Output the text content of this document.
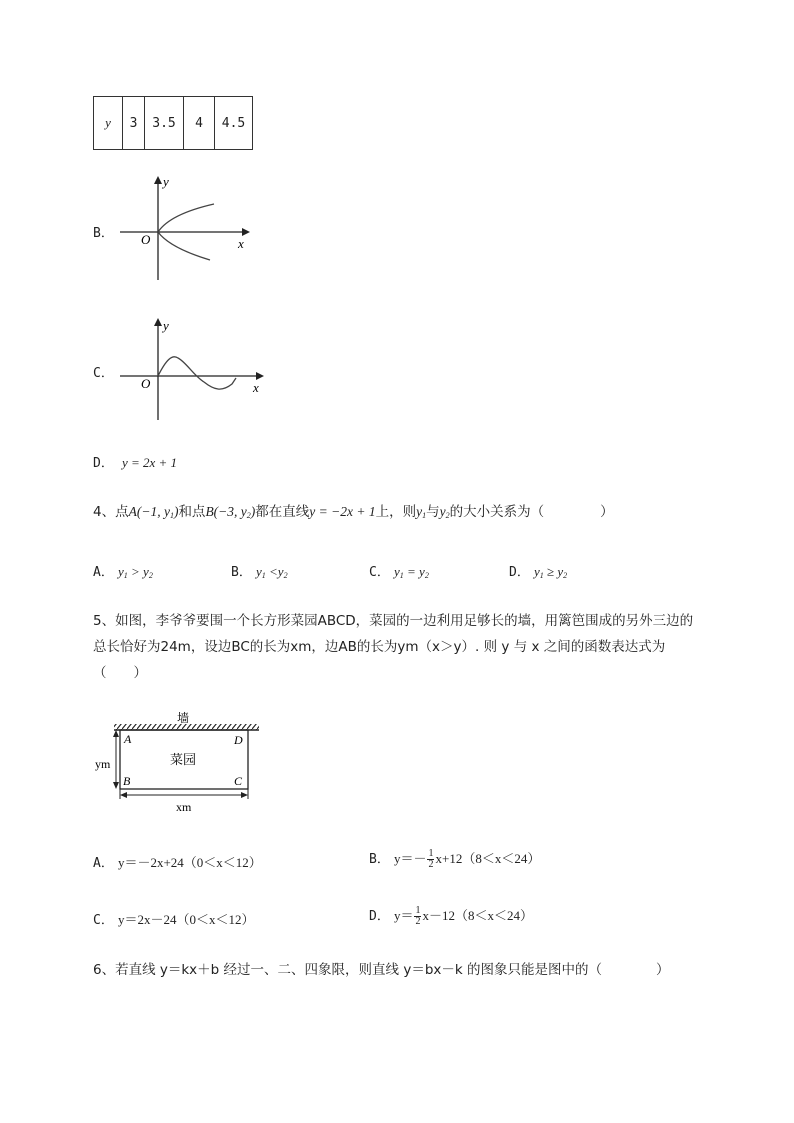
y	3	3.5	4	4.5
B． O	x
y
C．
O	x
y
D． y = 2x + 1
4、点A(−1, $y_1$)和点B(−3, $y_2$)都在直线y = −2x + 1上，则$y_1$与$y_2$的大小关系为（	）
A． $y_1 > y_2$	B． $y_1 <y_2$	C． $y_1 = y_2$	D． $y_1 \ge y_2$
5、如图，李爷爷要围一个长方形菜园ABCD，菜园的一边利用足够长的墙，用篱笆围成的另外三边的
总长恰好为24m，设边BC的长为xm，边AB的长为ym（x＞y）. 则 y 与 x 之间的函数表达式为
（　　）
墙
菜园
A
B	C
D
ym
xm
A． y＝－2x+24（0＜x＜12）	B． $y=- \frac{1}{2} x+12(8<x<24)$
C． y＝2x－24（0＜x＜12）	D． $y= \frac{1}{2} x-12(8<x<24)$
6、若直线 y＝kx＋b 经过一、二、四象限，则直线 y＝bx－k 的图象只能是图中的（　　　　）
